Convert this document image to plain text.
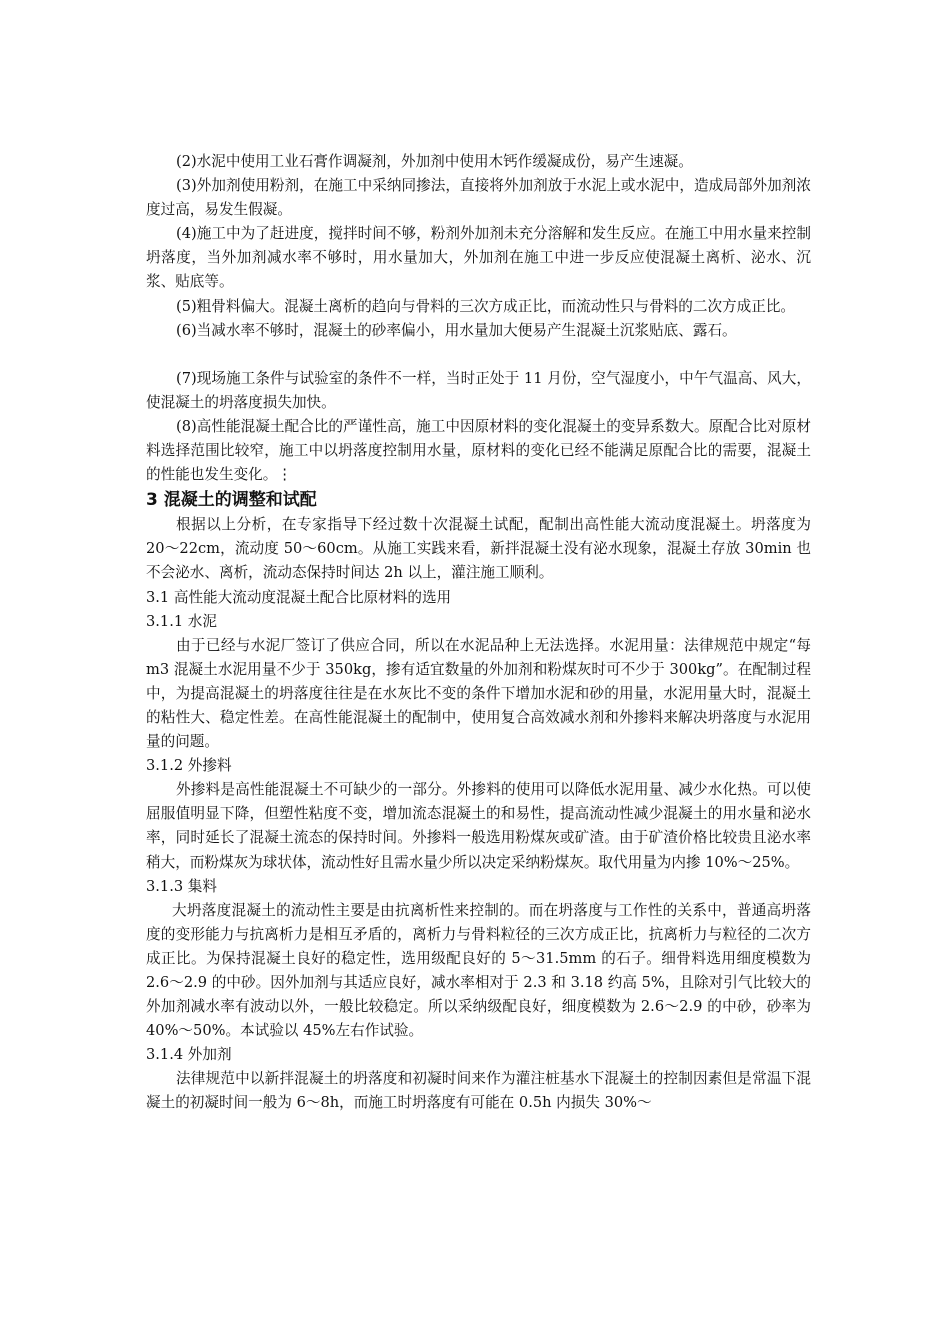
(2)水泥中使用工业石膏作调凝剂，外加剂中使用木钙作缓凝成份，易产生速凝。

(3)外加剂使用粉剂，在施工中采纳同掺法，直接将外加剂放于水泥上或水泥中，造成局部外加剂浓度过高，易发生假凝。

(4)施工中为了赶进度，搅拌时间不够，粉剂外加剂未充分溶解和发生反应。在施工中用水量来控制坍落度，当外加剂减水率不够时，用水量加大，外加剂在施工中进一步反应使混凝土离析、泌水、沉浆、贴底等。

(5)粗骨料偏大。混凝土离析的趋向与骨料的三次方成正比，而流动性只与骨料的二次方成正比。

(6)当减水率不够时，混凝土的砂率偏小，用水量加大便易产生混凝土沉浆贴底、露石。

(7)现场施工条件与试验室的条件不一样，当时正处于 11 月份，空气湿度小，中午气温高、风大，使混凝土的坍落度损失加快。

(8)高性能混凝土配合比的严谨性高，施工中因原材料的变化混凝土的变异系数大。原配合比对原材料选择范围比较窄，施工中以坍落度控制用水量，原材料的变化已经不能满足原配合比的需要，混凝土的性能也发生变化。⋮

3 混凝土的调整和试配

根据以上分析，在专家指导下经过数十次混凝土试配，配制出高性能大流动度混凝土。坍落度为 20～22cm，流动度 50～60cm。从施工实践来看，新拌混凝土没有泌水现象，混凝土存放 30min 也不会泌水、离析，流动态保持时间达 2h 以上，灌注施工顺利。

3.1 高性能大流动度混凝土配合比原材料的选用

3.1.1 水泥

由于已经与水泥厂签订了供应合同，所以在水泥品种上无法选择。水泥用量：法律规范中规定“每 m3 混凝土水泥用量不少于 350kg，掺有适宜数量的外加剂和粉煤灰时可不少于 300kg”。在配制过程中，为提高混凝土的坍落度往往是在水灰比不变的条件下增加水泥和砂的用量，水泥用量大时，混凝土的粘性大、稳定性差。在高性能混凝土的配制中，使用复合高效减水剂和外掺料来解决坍落度与水泥用量的问题。

3.1.2 外掺料

外掺料是高性能混凝土不可缺少的一部分。外掺料的使用可以降低水泥用量、减少水化热。可以使屈服值明显下降，但塑性粘度不变，增加流态混凝土的和易性，提高流动性减少混凝土的用水量和泌水率，同时延长了混凝土流态的保持时间。外掺料一般选用粉煤灰或矿渣。由于矿渣价格比较贵且泌水率稍大，而粉煤灰为球状体，流动性好且需水量少所以决定采纳粉煤灰。取代用量为内掺 10%～25%。

3.1.3 集料

大坍落度混凝土的流动性主要是由抗离析性来控制的。而在坍落度与工作性的关系中，普通高坍落度的变形能力与抗离析力是相互矛盾的，离析力与骨料粒径的三次方成正比，抗离析力与粒径的二次方成正比。为保持混凝土良好的稳定性，选用级配良好的 5～31.5mm 的石子。细骨料选用细度模数为 2.6～2.9 的中砂。因外加剂与其适应良好，减水率相对于 2.3 和 3.18 约高 5%，且除对引气比较大的外加剂减水率有波动以外，一般比较稳定。所以采纳级配良好，细度模数为 2.6～2.9 的中砂，砂率为 40%～50%。本试验以 45%左右作试验。

3.1.4 外加剂

法律规范中以新拌混凝土的坍落度和初凝时间来作为灌注桩基水下混凝土的控制因素但是常温下混凝土的初凝时间一般为 6～8h，而施工时坍落度有可能在 0.5h 内损失 30%～
